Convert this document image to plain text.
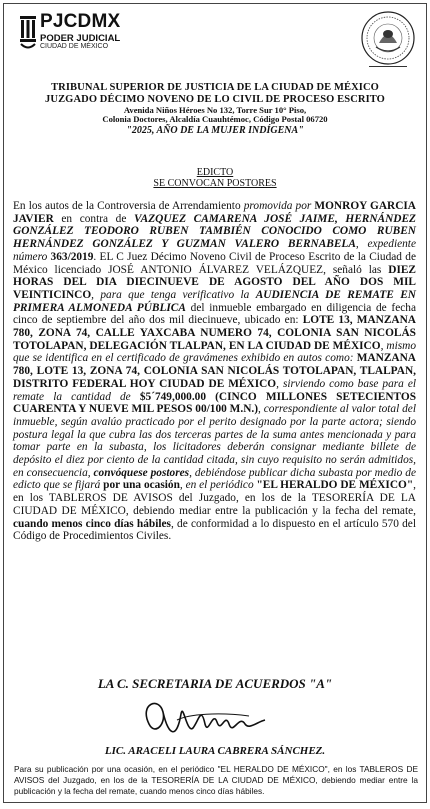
PJCDMX
PODER JUDICIAL
CIUDAD DE MÉXICO
TRIBUNAL SUPERIOR DE JUSTICIA DE LA CIUDAD DE MÉXICO
JUZGADO DÉCIMO NOVENO DE LO CIVIL DE PROCESO ESCRITO
Avenida Niños Héroes No 132, Torre Sur 10° Piso,
Colonia Doctores, Alcaldía Cuauhtémoc, Código Postal 06720
"2025, AÑO DE LA MUJER INDÍGENA"
EDICTO
SE CONVOCAN POSTORES
En los autos de la Controversia de Arrendamiento promovida por MONROY GARCIA JAVIER en contra de VAZQUEZ CAMARENA JOSÉ JAIME, HERNÁNDEZ GONZÁLEZ TEODORO RUBEN TAMBIÉN CONOCIDO COMO RUBEN HERNÁNDEZ GONZÁLEZ Y GUZMAN VALERO BERNABELA, expediente número 363/2019. EL C Juez Décimo Noveno Civil de Proceso Escrito de la Ciudad de México licenciado JOSÉ ANTONIO ÁLVAREZ VELÁZQUEZ, señaló las DIEZ HORAS DEL DIA DIECINUEVE DE AGOSTO DEL AÑO DOS MIL VEINTICINCO, para que tenga verificativo la AUDIENCIA DE REMATE EN PRIMERA ALMONEDA PÚBLICA del inmueble embargado en diligencia de fecha cinco de septiembre del año dos mil diecinueve, ubicado en: LOTE 13, MANZANA 780, ZONA 74, CALLE YAXCABA NUMERO 74, COLONIA SAN NICOLÁS TOTOLAPAN, DELEGACIÓN TLALPAN, EN LA CIUDAD DE MÉXICO, mismo que se identifica en el certificado de gravámenes exhibido en autos como: MANZANA 780, LOTE 13, ZONA 74, COLONIA SAN NICOLÁS TOTOLAPAN, TLALPAN, DISTRITO FEDERAL HOY CIUDAD DE MÉXICO, sirviendo como base para el remate la cantidad de $5´749,000.00 (CINCO MILLONES SETECIENTOS CUARENTA Y NUEVE MIL PESOS 00/100 M.N.), correspondiente al valor total del inmueble, según avalúo practicado por el perito designado por la parte actora; siendo postura legal la que cubra las dos terceras partes de la suma antes mencionada y para tomar parte en la subasta, los licitadores deberán consignar mediante billete de depósito el diez por ciento de la cantidad citada, sin cuyo requisito no serán admitidos, en consecuencia, convóquese postores, debiéndose publicar dicha subasta por medio de edicto que se fijará por una ocasión, en el periódico "EL HERALDO DE MÉXICO", en los TABLEROS DE AVISOS del Juzgado, en los de la TESORERÍA DE LA CIUDAD DE MÉXICO, debiendo mediar entre la publicación y la fecha del remate, cuando menos cinco días hábiles, de conformidad a lo dispuesto en el artículo 570 del Código de Procedimientos Civiles.
LA C. SECRETARIA DE ACUERDOS "A"
LIC. ARACELI LAURA CABRERA SÁNCHEZ.
Para su publicación por una ocasión, en el periódico "EL HERALDO DE MÉXICO", en los TABLEROS DE AVISOS del Juzgado, en los de la TESORERÍA DE LA CIUDAD DE MÉXICO, debiendo mediar entre la publicación y la fecha del remate, cuando menos cinco días hábiles.
